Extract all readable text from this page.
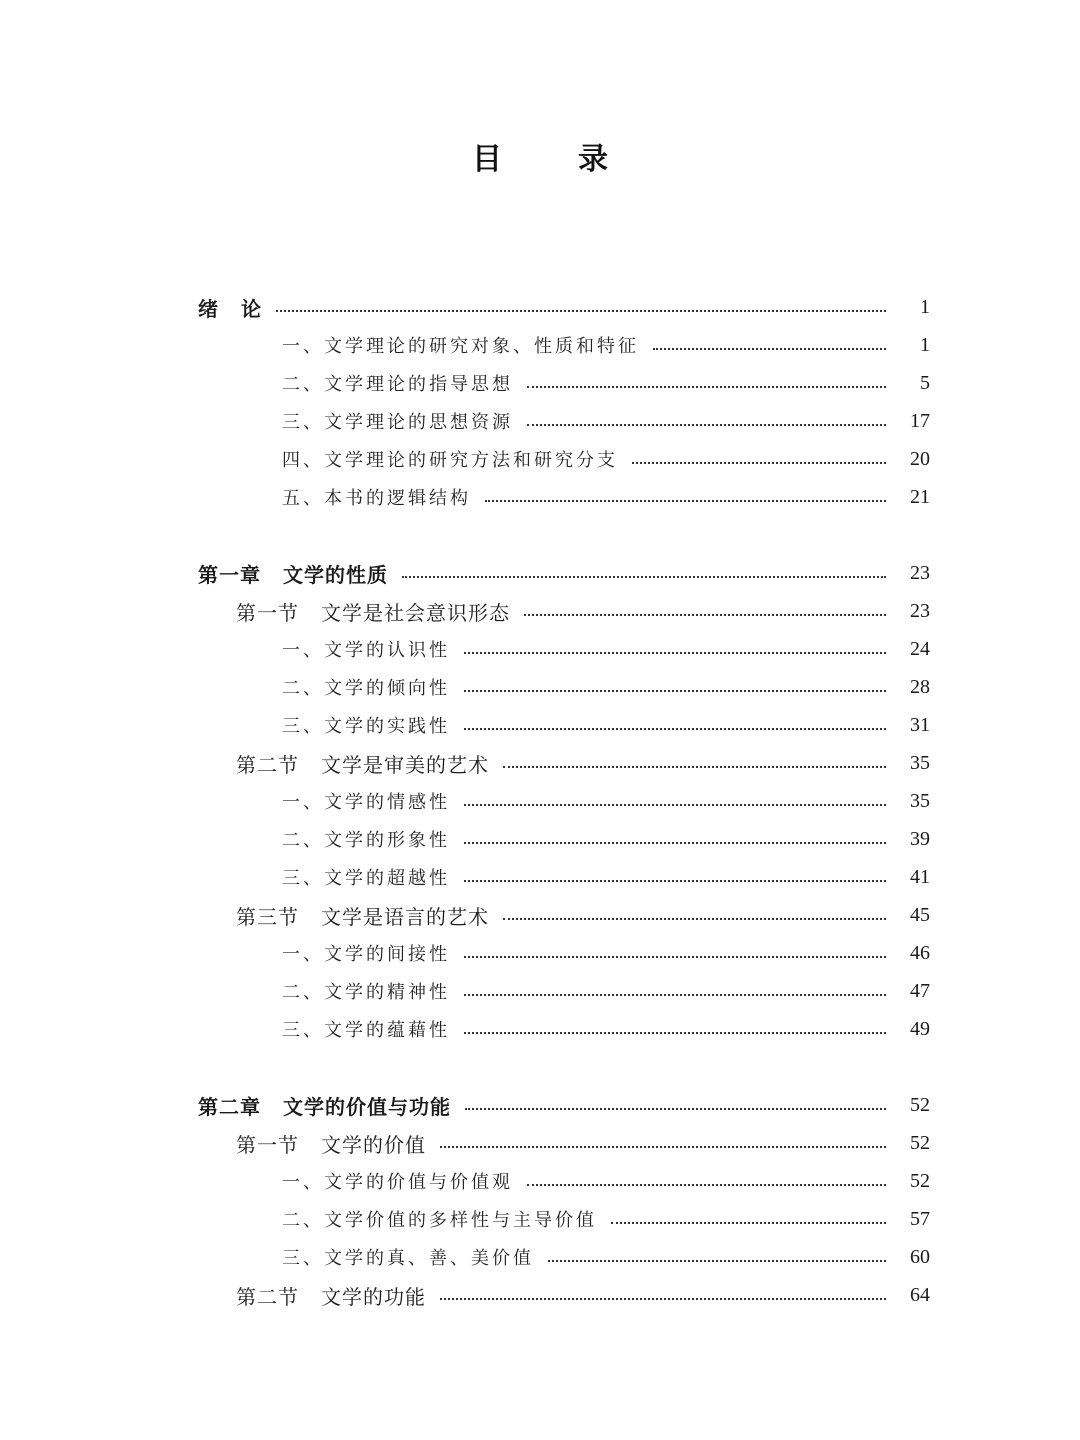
目	录
绪 论	1
一、文学理论的研究对象、性质和特征	1
二、文学理论的指导思想	5
三、文学理论的思想资源	17
四、文学理论的研究方法和研究分支	20
五、本书的逻辑结构	21
第一章 文学的性质	23
第一节 文学是社会意识形态	23
一、文学的认识性	24
二、文学的倾向性	28
三、文学的实践性	31
第二节 文学是审美的艺术	35
一、文学的情感性	35
二、文学的形象性	39
三、文学的超越性	41
第三节 文学是语言的艺术	45
一、文学的间接性	46
二、文学的精神性	47
三、文学的蕴藉性	49
第二章 文学的价值与功能	52
第一节 文学的价值	52
一、文学的价值与价值观	52
二、文学价值的多样性与主导价值	57
三、文学的真、善、美价值	60
第二节 文学的功能	64
